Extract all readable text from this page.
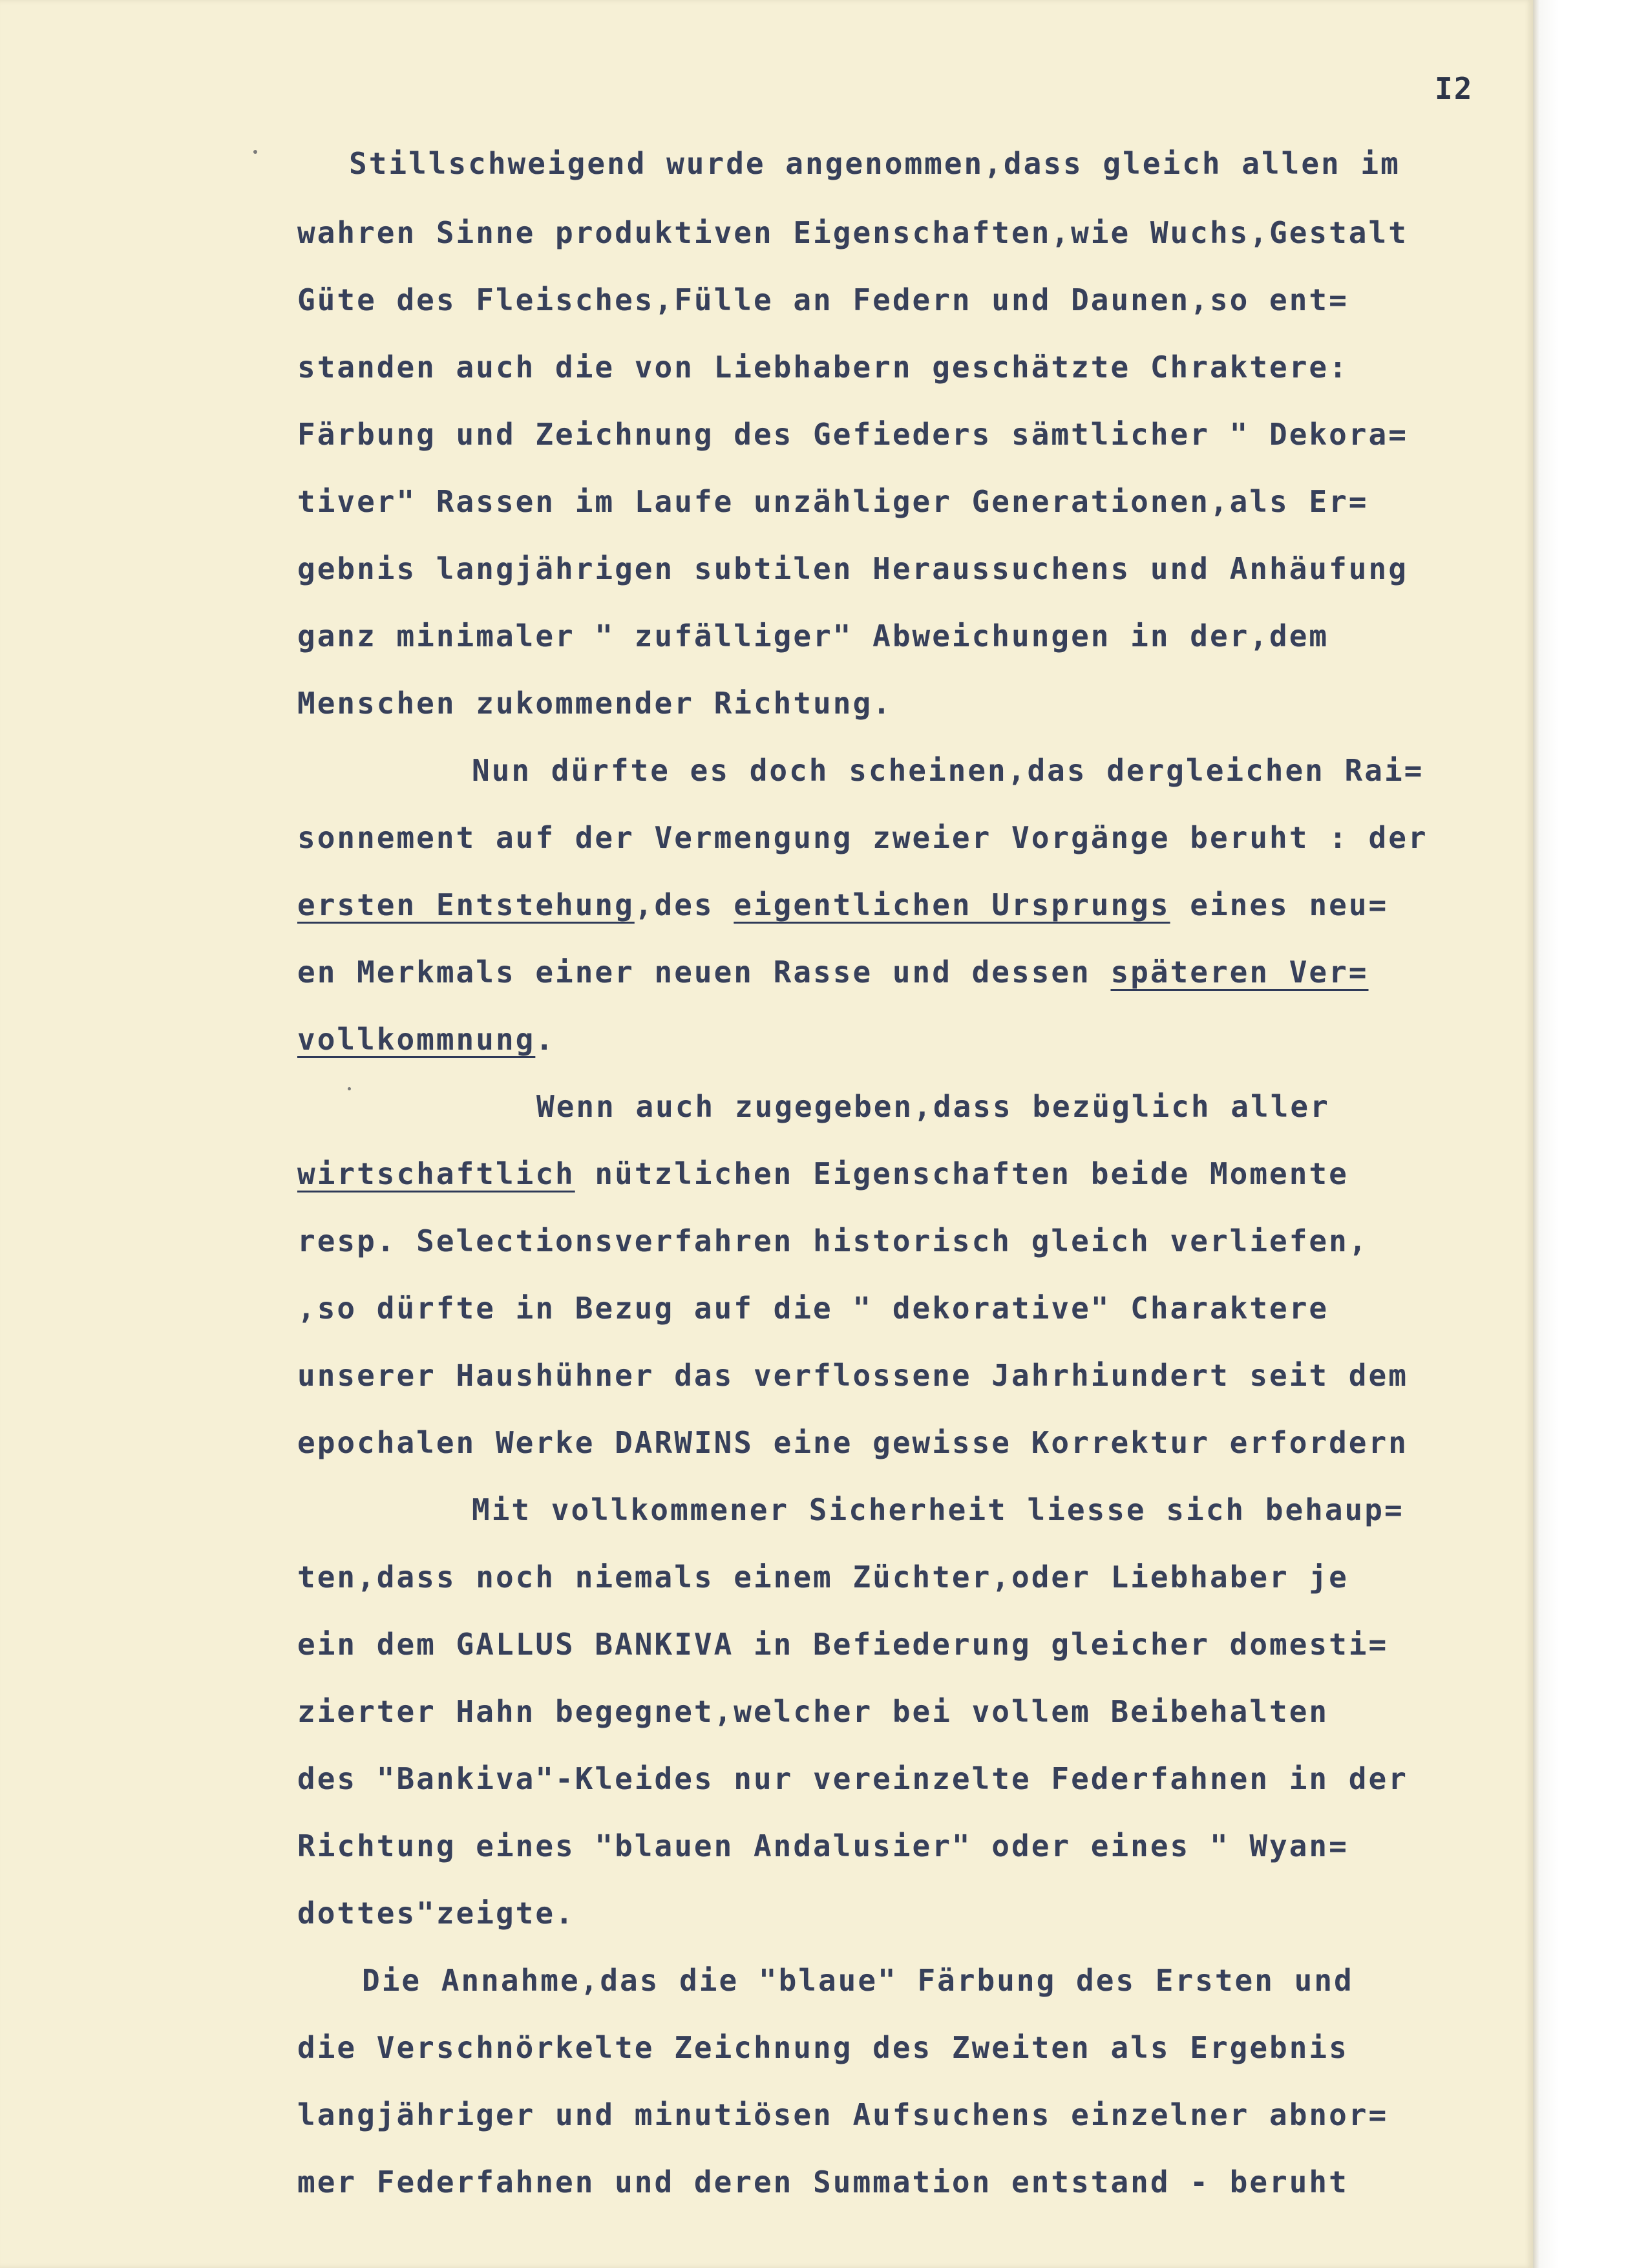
I2
Stillschweigend wurde angenommen,dass gleich allen im
wahren Sinne produktiven Eigenschaften,wie Wuchs,Gestalt
Güte des Fleisches,Fülle an Federn und Daunen,so ent=
standen auch die von Liebhabern geschätzte Chraktere:
Färbung und Zeichnung des Gefieders sämtlicher " Dekora=
tiver" Rassen im Laufe unzähliger Generationen,als Er=
gebnis langjährigen subtilen Heraussuchens und Anhäufung
ganz minimaler " zufälliger" Abweichungen in der,dem
Menschen zukommender Richtung.
Nun dürfte es doch scheinen,das dergleichen Rai=
sonnement auf der Vermengung zweier Vorgänge beruht : der
ersten Entstehung,des eigentlichen Ursprungs eines neu=
en Merkmals einer neuen Rasse und dessen späteren Ver=
vollkommnung.
Wenn auch zugegeben,dass bezüglich aller
wirtschaftlich nützlichen Eigenschaften beide Momente
resp. Selectionsverfahren historisch gleich verliefen,
,so dürfte in Bezug auf die " dekorative" Charaktere
unserer Haushühner das verflossene Jahrhiundert seit dem
epochalen Werke DARWINS eine gewisse Korrektur erfordern
Mit vollkommener Sicherheit liesse sich behaup=
ten,dass noch niemals einem Züchter,oder Liebhaber je
ein dem GALLUS BANKIVA in Befiederung gleicher domesti=
zierter Hahn begegnet,welcher bei vollem Beibehalten
des "Bankiva"-Kleides nur vereinzelte Federfahnen in der
Richtung eines "blauen Andalusier" oder eines " Wyan=
dottes"zeigte.
Die Annahme,das die "blaue" Färbung des Ersten und
die Verschnörkelte Zeichnung des Zweiten als Ergebnis
langjähriger und minutiösen Aufsuchens einzelner abnor=
mer Federfahnen und deren Summation entstand - beruht
